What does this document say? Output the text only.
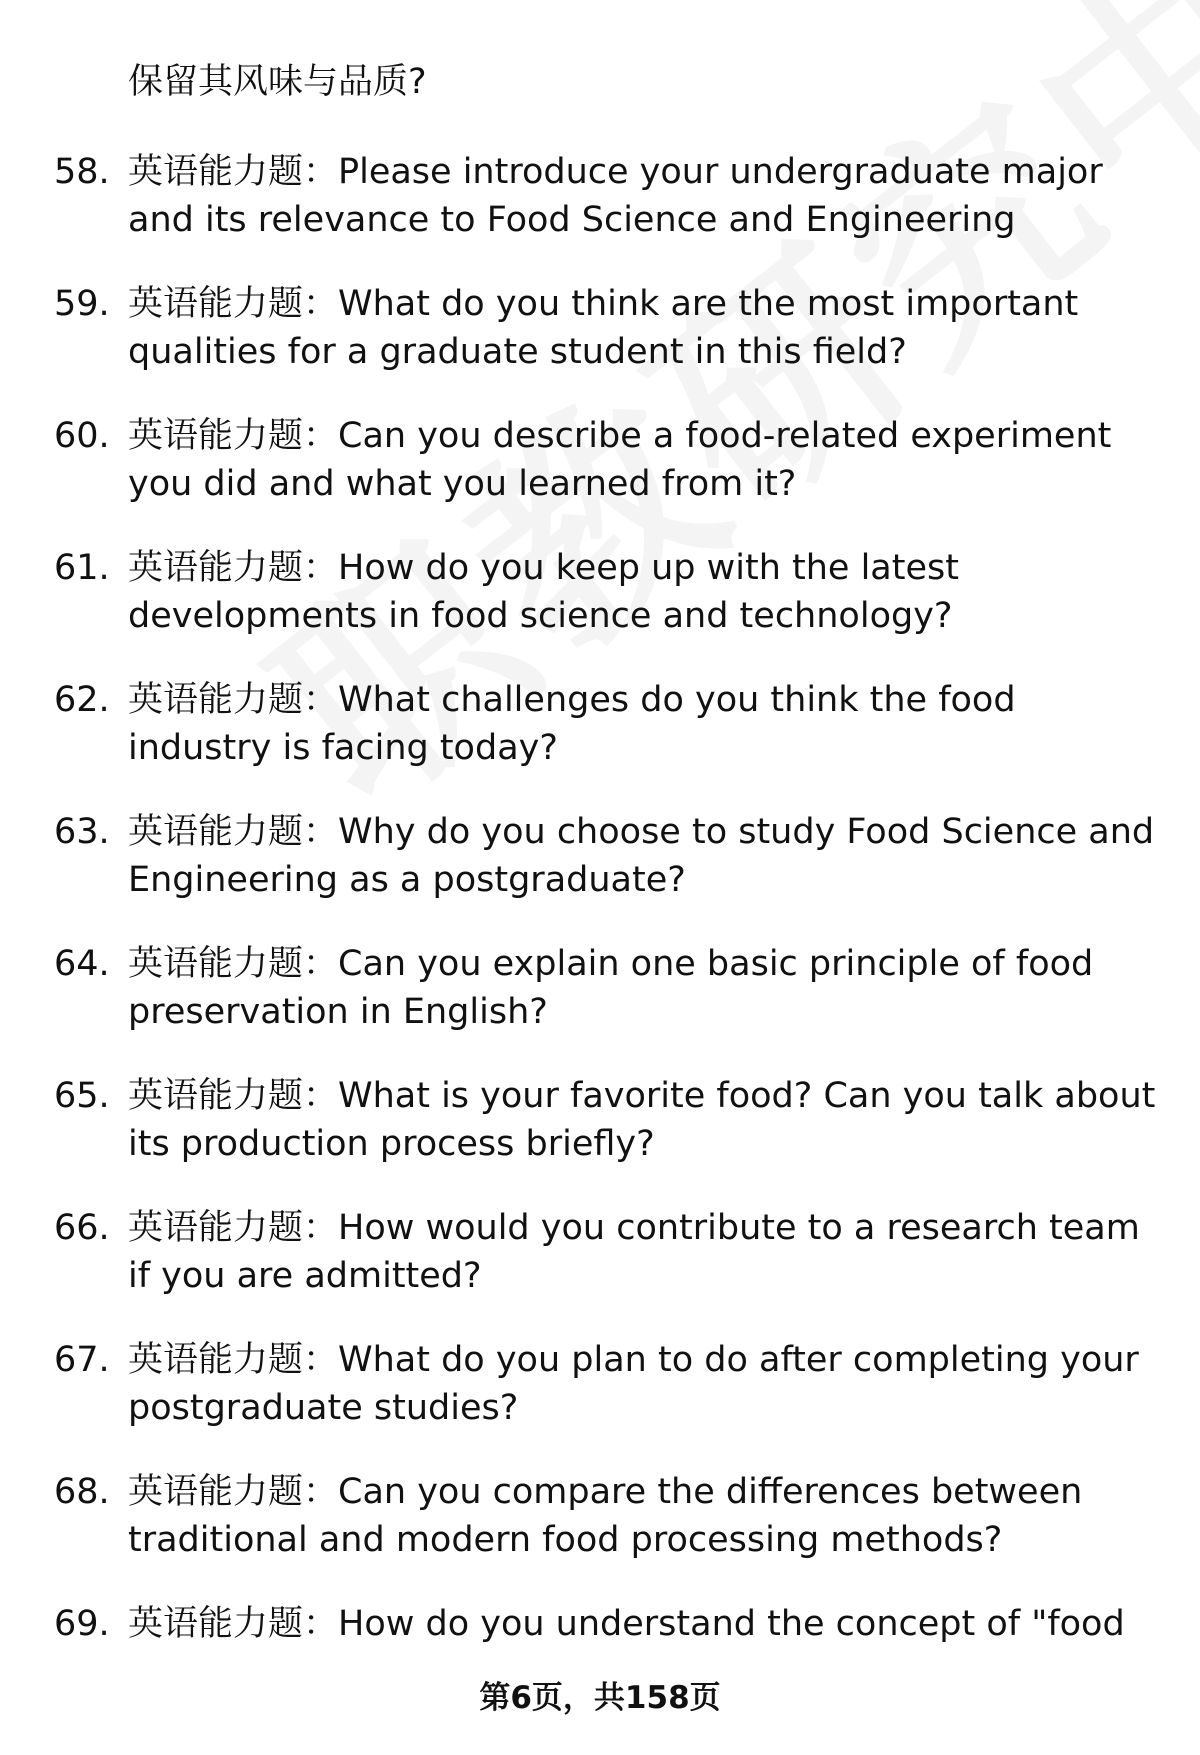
保留其风味与品质?
58. 英语能力题：Please introduce your undergraduate major
and its relevance to Food Science and Engineering
59. 英语能力题：What do you think are the most important
qualities for a graduate student in this field?
60. 英语能力题：Can you describe a food-related experiment
you did and what you learned from it?
61. 英语能力题：How do you keep up with the latest
developments in food science and technology?
62. 英语能力题：What challenges do you think the food
industry is facing today?
63. 英语能力题：Why do you choose to study Food Science and
Engineering as a postgraduate?
64. 英语能力题：Can you explain one basic principle of food
preservation in English?
65. 英语能力题：What is your favorite food? Can you talk about
its production process briefly?
66. 英语能力题：How would you contribute to a research team
if you are admitted?
67. 英语能力题：What do you plan to do after completing your
postgraduate studies?
68. 英语能力题：Can you compare the differences between
traditional and modern food processing methods?
69. 英语能力题：How do you understand the concept of "food
第6页，共158页
